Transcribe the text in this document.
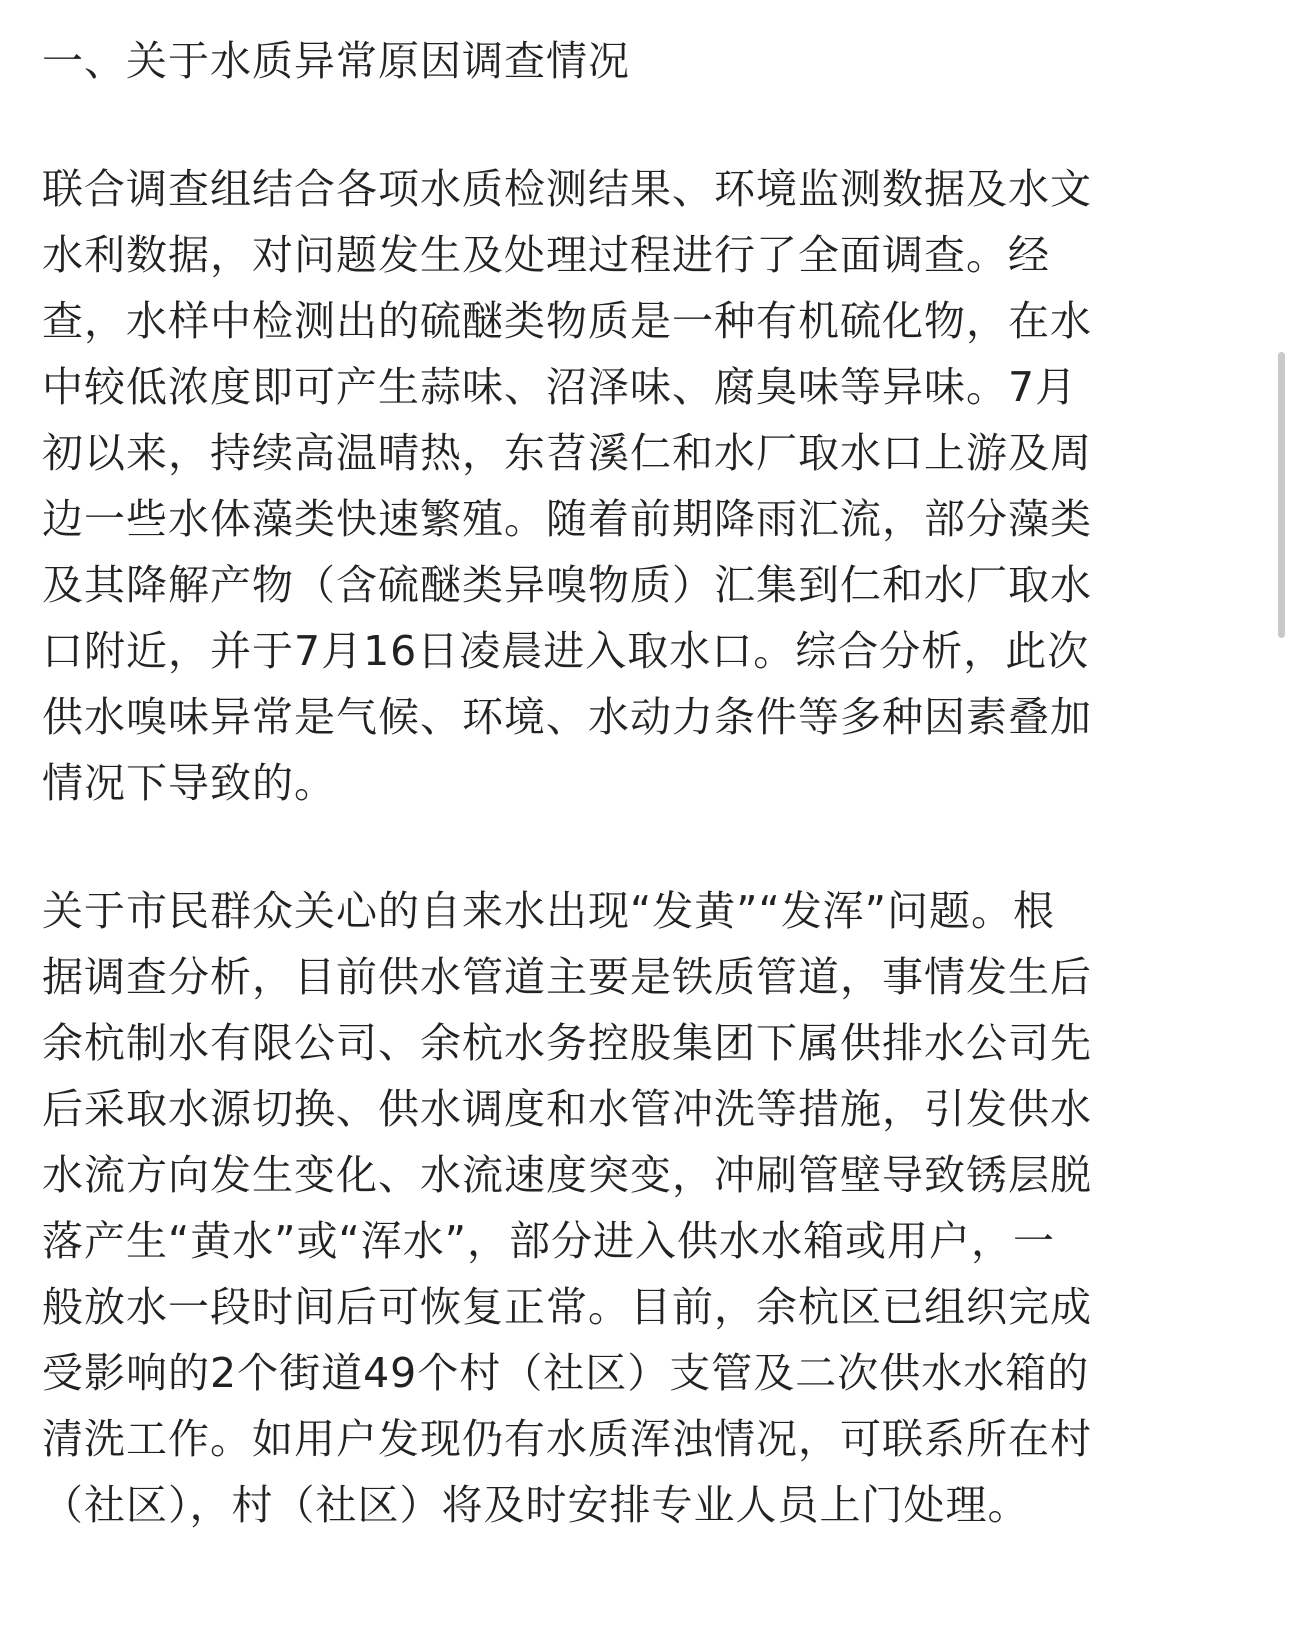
一、关于水质异常原因调查情况
联合调查组结合各项水质检测结果、环境监测数据及水文
水利数据，对问题发生及处理过程进行了全面调查。经
查，水样中检测出的硫醚类物质是一种有机硫化物，在水
中较低浓度即可产生蒜味、沼泽味、腐臭味等异味。7月
初以来，持续高温晴热，东苕溪仁和水厂取水口上游及周
边一些水体藻类快速繁殖。随着前期降雨汇流，部分藻类
及其降解产物（含硫醚类异嗅物质）汇集到仁和水厂取水
口附近，并于7月16日凌晨进入取水口。综合分析，此次
供水嗅味异常是气候、环境、水动力条件等多种因素叠加
情况下导致的。
关于市民群众关心的自来水出现“发黄”“发浑”问题。根
据调查分析，目前供水管道主要是铁质管道，事情发生后
余杭制水有限公司、余杭水务控股集团下属供排水公司先
后采取水源切换、供水调度和水管冲洗等措施，引发供水
水流方向发生变化、水流速度突变，冲刷管壁导致锈层脱
落产生“黄水”或“浑水”，部分进入供水水箱或用户，一
般放水一段时间后可恢复正常。目前，余杭区已组织完成
受影响的2个街道49个村（社区）支管及二次供水水箱的
清洗工作。如用户发现仍有水质浑浊情况，可联系所在村
（社区），村（社区）将及时安排专业人员上门处理。
